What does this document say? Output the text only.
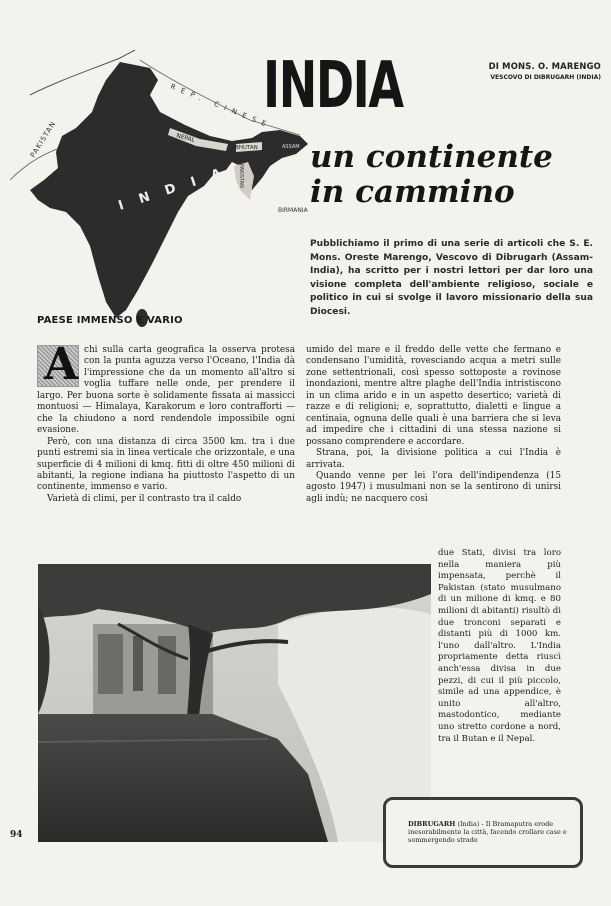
PAKISTAN
REP. CINESE
NEPAL
BHUTAN
I N D I A
ASSAM
PAKISTAN
BIRMANIA
INDIA
un continente
in cammino
DI MONS. O. MARENGO
VESCOVO DI DIBRUGARH (INDIA)
Pubblichiamo il primo di una serie di articoli che S. E. Mons. Oreste Marengo, Vescovo di Dibrugarh (Assam-India), ha scritto per i nostri lettori per dar loro una visione completa dell'ambiente religioso, sociale e politico in cui si svolge il lavoro missionario della sua Diocesi.
PAESE IMMENSO E VARIO
A chi sulla carta geografica la osserva protesa con la punta aguzza verso l'Oceano, l'India dà l'impressione che da un momento all'altro si voglia tuffare nelle onde, per prendere il largo. Per buona sorte è solidamente fissata ai massicci montuosi — Himalaya, Karakorum e loro contrafforti — che la chiudono a nord rendendole impossibile ogni evasione.

Però, con una distanza di circa 3500 km. tra i due punti estremi sia in linea verticale che orizzontale, e una superficie di 4 milioni di kmq. fitti di oltre 450 milioni di abitanti, la regione indiana ha piuttosto l'aspetto di un continente, immenso e vario.

Varietà di climi, per il contrasto tra il caldo

umido del mare e il freddo delle vette che fermano e condensano l'umidità, rovesciando acqua a metri sulle zone settentrionali, così spesso sottoposte a rovinose inondazioni, mentre altre plaghe dell'India intristiscono in un clima arido e in un aspetto desertico; varietà di razze e di religioni; e, soprattutto, dialetti e lingue a centinaia, ognuna delle quali è una barriera che si leva ad impedire che i cittadini di una stessa nazione si possano comprendere e accordare.

Strana, poi, la divisione politica a cui l'India è arrivata.

Quando venne per lei l'ora dell'indipendenza (15 agosto 1947) i musulmani non se la sentirono di unirsi agli indù; ne nacquero così

due Stati, divisi tra loro nella maniera più impensata, perchè il Pakistan (stato musulmano di un milione di kmq. e 80 milioni di abitanti) risultò di due tronconi separati e distanti più di 1000 km. l'uno dall'altro. L'India propriamente detta riuscì anch'essa divisa in due pezzi, di cui il più piccolo, simile ad una appendice, è unito all'altro, mastodontico, mediante uno stretto cordone a nord, tra il Butan e il Nepal.

DIBRUGARH (India) - Il Bramaputra erode inesorabilmente la città, facendo crollare case e sommergendo strade
94
